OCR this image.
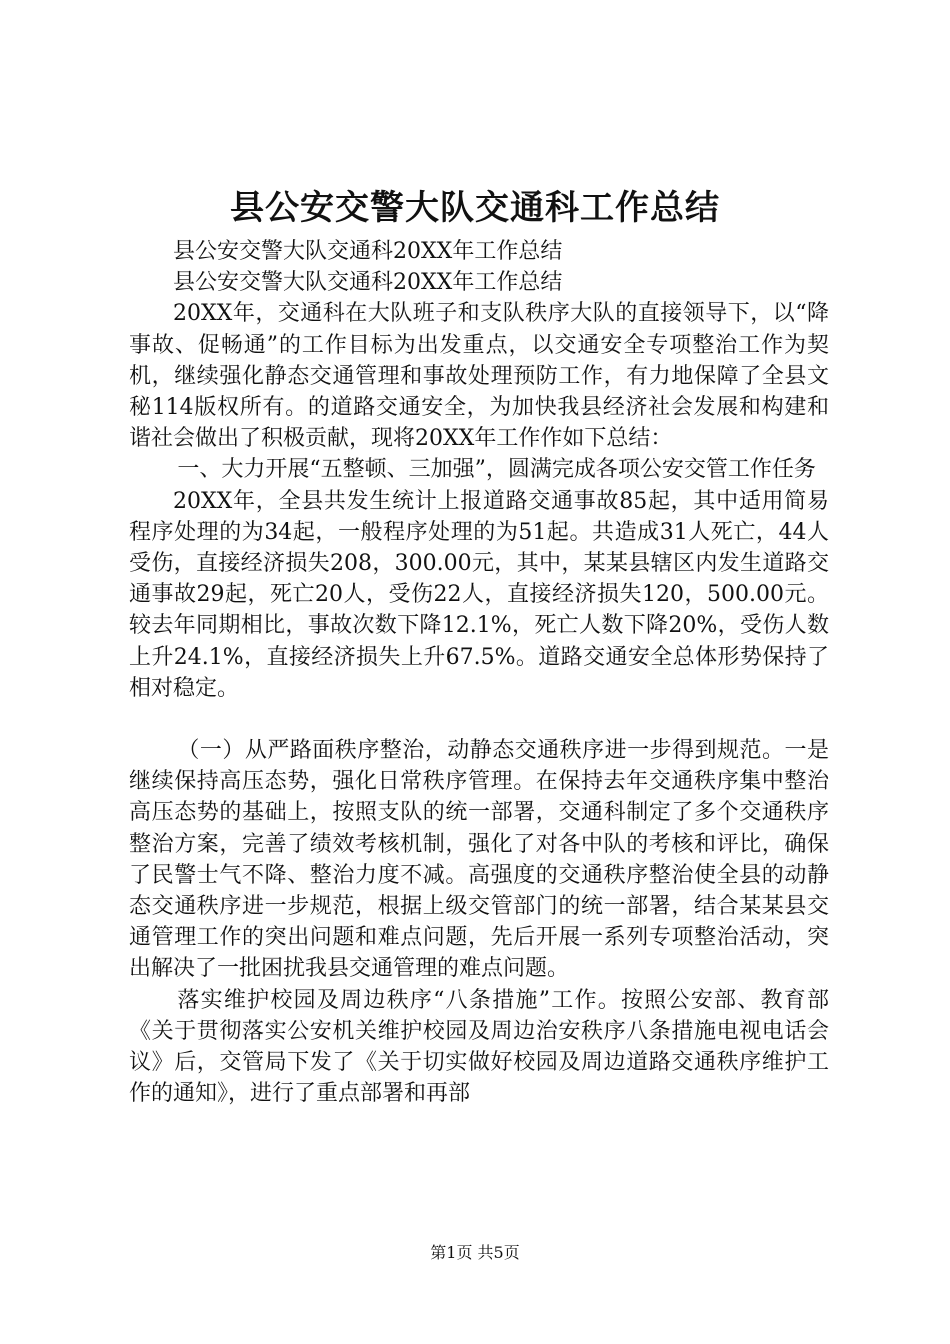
县公安交警大队交通科工作总结

县公安交警大队交通科20XX年工作总结

县公安交警大队交通科20XX年工作总结

20XX年，交通科在大队班子和支队秩序大队的直接领导下，以“降事故、促畅通”的工作目标为出发重点，以交通安全专项整治工作为契机，继续强化静态交通管理和事故处理预防工作，有力地保障了全县文秘114版权所有。的道路交通安全，为加快我县经济社会发展和构建和谐社会做出了积极贡献，现将20XX年工作作如下总结：

一、大力开展“五整顿、三加强”，圆满完成各项公安交管工作任务

20XX年，全县共发生统计上报道路交通事故85起，其中适用简易程序处理的为34起，一般程序处理的为51起。共造成31人死亡，44人受伤，直接经济损失208，300.00元，其中，某某县辖区内发生道路交通事故29起，死亡20人，受伤22人，直接经济损失120，500.00元。较去年同期相比，事故次数下降12.1%，死亡人数下降20%，受伤人数上升24.1%，直接经济损失上升67.5%。道路交通安全总体形势保持了相对稳定。

（一）从严路面秩序整治，动静态交通秩序进一步得到规范。一是继续保持高压态势，强化日常秩序管理。在保持去年交通秩序集中整治高压态势的基础上，按照支队的统一部署，交通科制定了多个交通秩序整治方案，完善了绩效考核机制，强化了对各中队的考核和评比，确保了民警士气不降、整治力度不减。高强度的交通秩序整治使全县的动静态交通秩序进一步规范，根据上级交管部门的统一部署，结合某某县交通管理工作的突出问题和难点问题，先后开展一系列专项整治活动，突出解决了一批困扰我县交通管理的难点问题。

落实维护校园及周边秩序“八条措施”工作。按照公安部、教育部《关于贯彻落实公安机关维护校园及周边治安秩序八条措施电视电话会议》后，交管局下发了《关于切实做好校园及周边道路交通秩序维护工作的通知》，进行了重点部署和再部

第1页 共5页
